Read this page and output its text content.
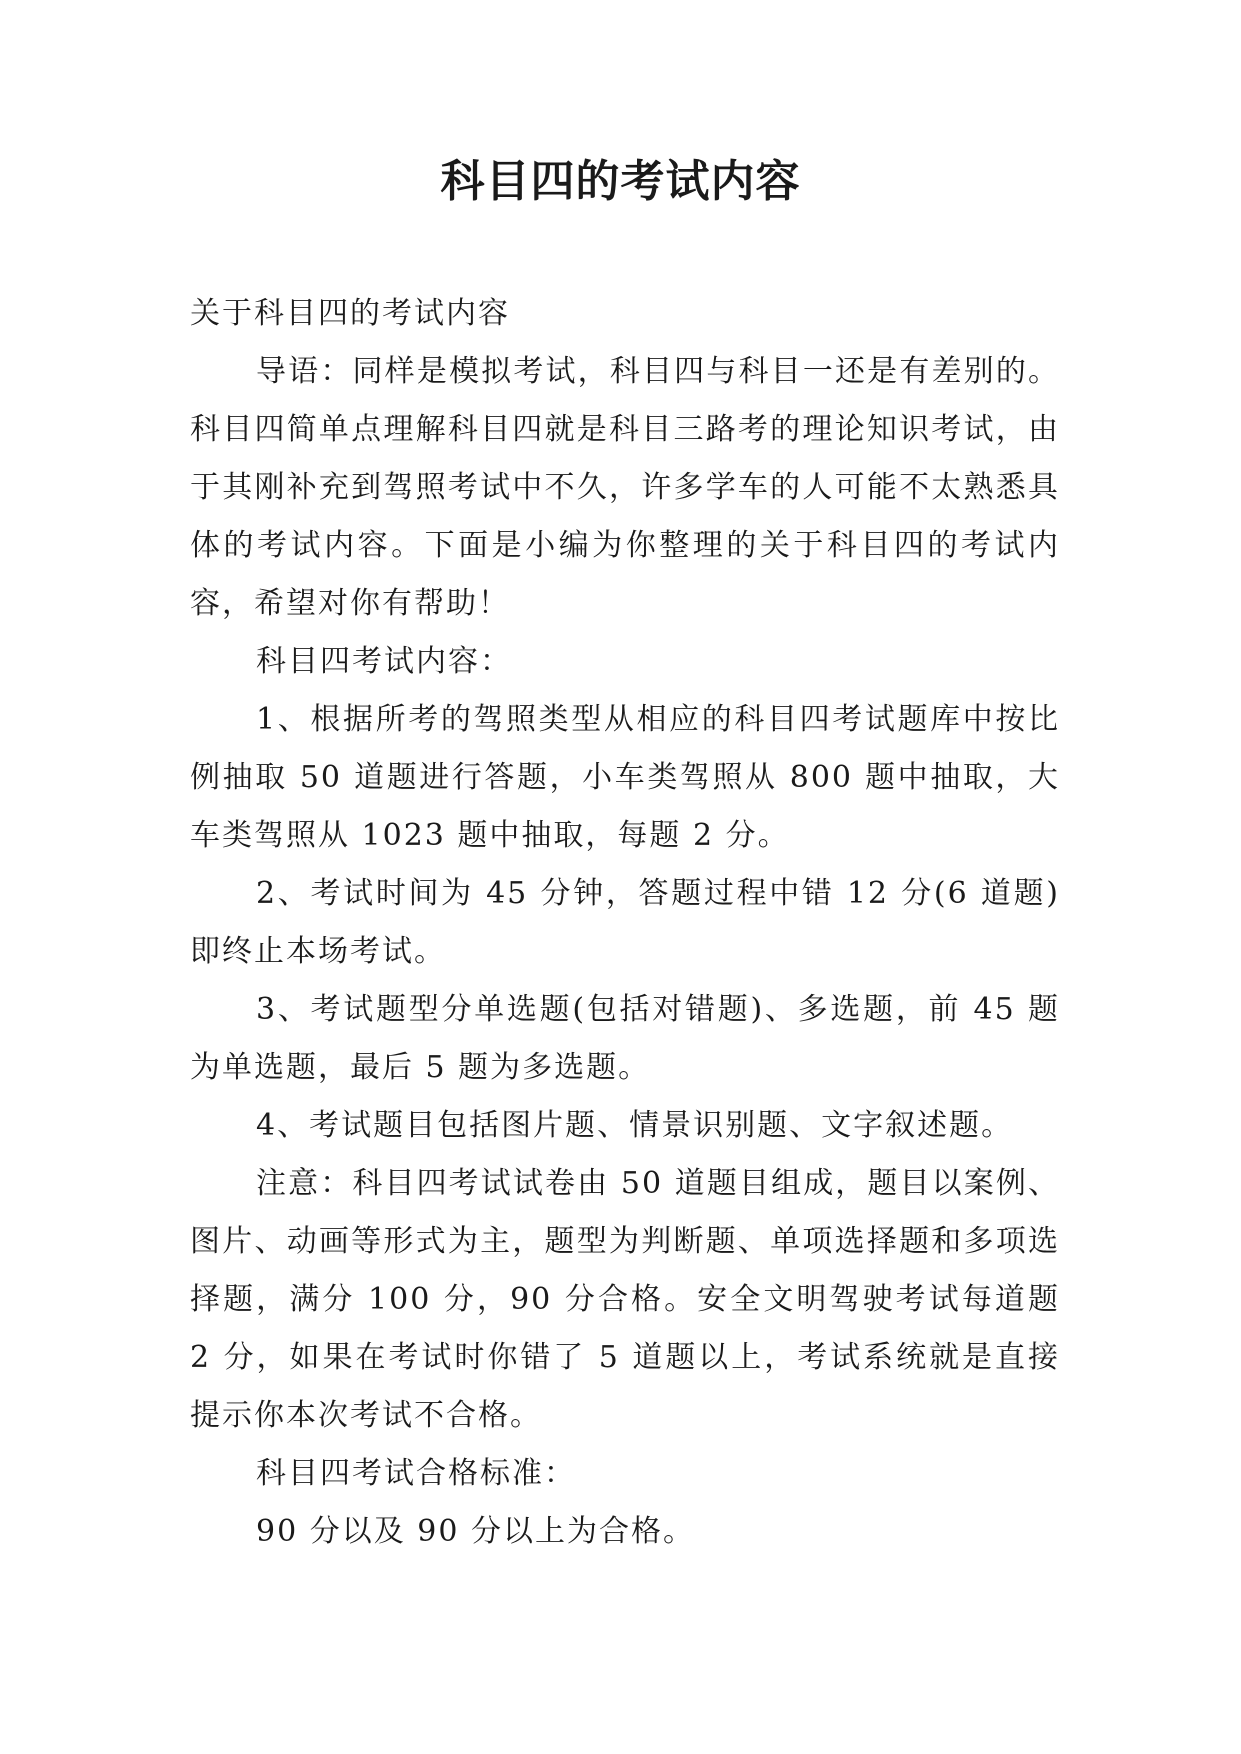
科目四的考试内容

关于科目四的考试内容

导语：同样是模拟考试，科目四与科目一还是有差别的。科目四简单点理解科目四就是科目三路考的理论知识考试，由于其刚补充到驾照考试中不久，许多学车的人可能不太熟悉具体的考试内容。下面是小编为你整理的关于科目四的考试内容，希望对你有帮助！

科目四考试内容：

1、根据所考的驾照类型从相应的科目四考试题库中按比例抽取 50 道题进行答题，小车类驾照从 800 题中抽取，大车类驾照从 1023 题中抽取，每题 2 分。

2、考试时间为 45 分钟，答题过程中错 12 分(6 道题)即终止本场考试。

3、考试题型分单选题(包括对错题)、多选题，前 45 题为单选题，最后 5 题为多选题。

4、考试题目包括图片题、情景识别题、文字叙述题。

注意：科目四考试试卷由 50 道题目组成，题目以案例、图片、动画等形式为主，题型为判断题、单项选择题和多项选择题，满分 100 分，90 分合格。安全文明驾驶考试每道题 2 分，如果在考试时你错了 5 道题以上，考试系统就是直接提示你本次考试不合格。

科目四考试合格标准：

90 分以及 90 分以上为合格。
